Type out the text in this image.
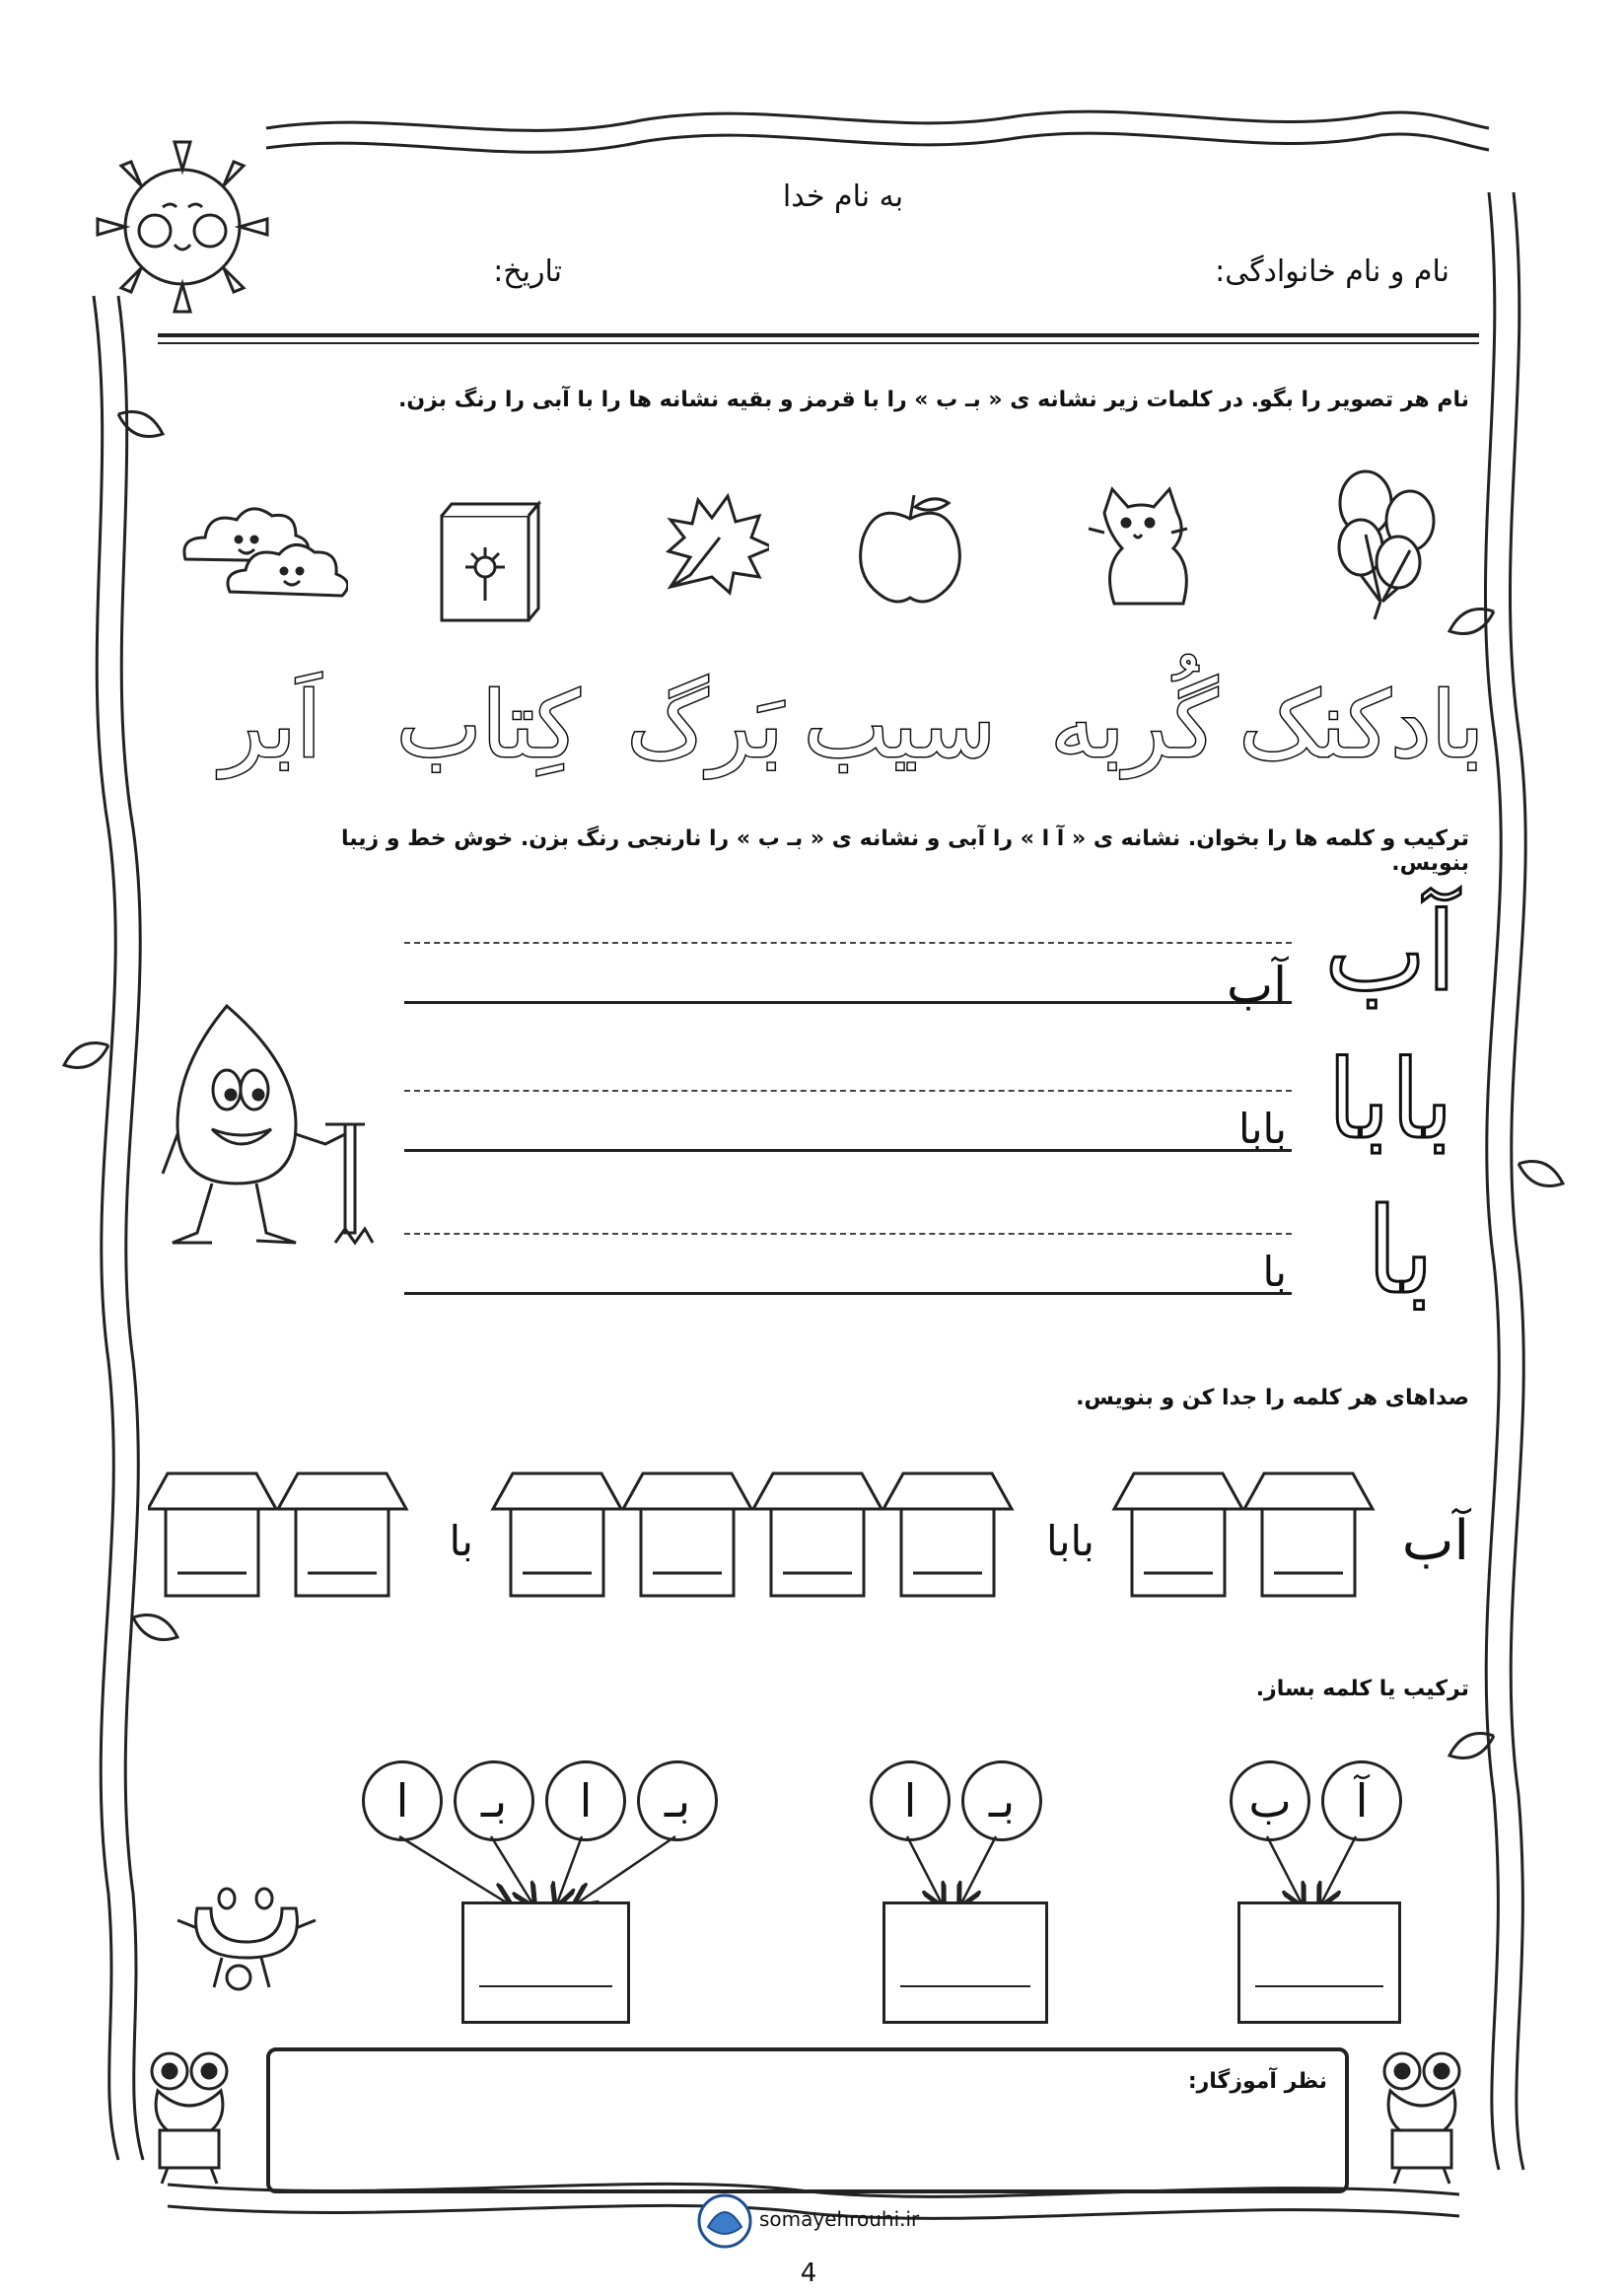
به نام خدا
نام و نام خانوادگی:
تاریخ:
نام هر تصویر را بگو. در کلمات زیر نشانه ی « بـ ب » را با قرمز و بقیه نشانه ها را با آبی را رنگ بزن.
بادکنک
گُربه
سیب
بَرگ
کِتاب
اَبر
ترکیب و کلمه ها را بخوان. نشانه ی « آ ا » را آبی و نشانه ی « بـ ب » را نارنجی رنگ بزن. خوش خط و زیبا بنویس.
آب
آب
بابا
بابا
با
با
صداهای هر کلمه را جدا کن و بنویس.
آب
بابا
با
ترکیب یا کلمه بساز.
آ
ب
بـ
ا
بـ
ا
بـ
ا
نظر آموزگار:
somayehrouhi.ir
4
